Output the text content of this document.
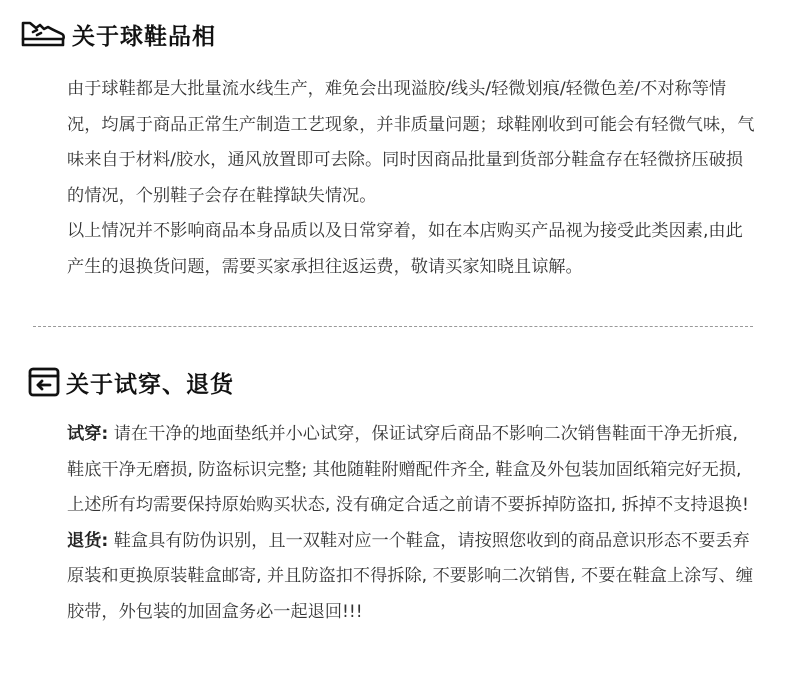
关于球鞋品相

由于球鞋都是大批量流水线生产，难免会出现溢胶/线头/轻微划痕/轻微色差/不对称等情况，均属于商品正常生产制造工艺现象，并非质量问题；球鞋刚收到可能会有轻微气味，气味来自于材料/胶水，通风放置即可去除。同时因商品批量到货部分鞋盒存在轻微挤压破损的情况，个别鞋子会存在鞋撑缺失情况。

以上情况并不影响商品本身品质以及日常穿着，如在本店购买产品视为接受此类因素,由此产生的退换货问题，需要买家承担往返运费，敬请买家知晓且谅解。

关于试穿、退货

试穿: 请在干净的地面垫纸并小心试穿，保证试穿后商品不影响二次销售鞋面干净无折痕, 鞋底干净无磨损, 防盗标识完整; 其他随鞋附赠配件齐全, 鞋盒及外包装加固纸箱完好无损,上述所有均需要保持原始购买状态, 没有确定合适之前请不要拆掉防盗扣, 拆掉不支持退换!

退货: 鞋盒具有防伪识别，且一双鞋对应一个鞋盒，请按照您收到的商品意识形态不要丢弃原装和更换原装鞋盒邮寄, 并且防盗扣不得拆除, 不要影响二次销售, 不要在鞋盒上涂写、缠胶带，外包装的加固盒务必一起退回!!!
